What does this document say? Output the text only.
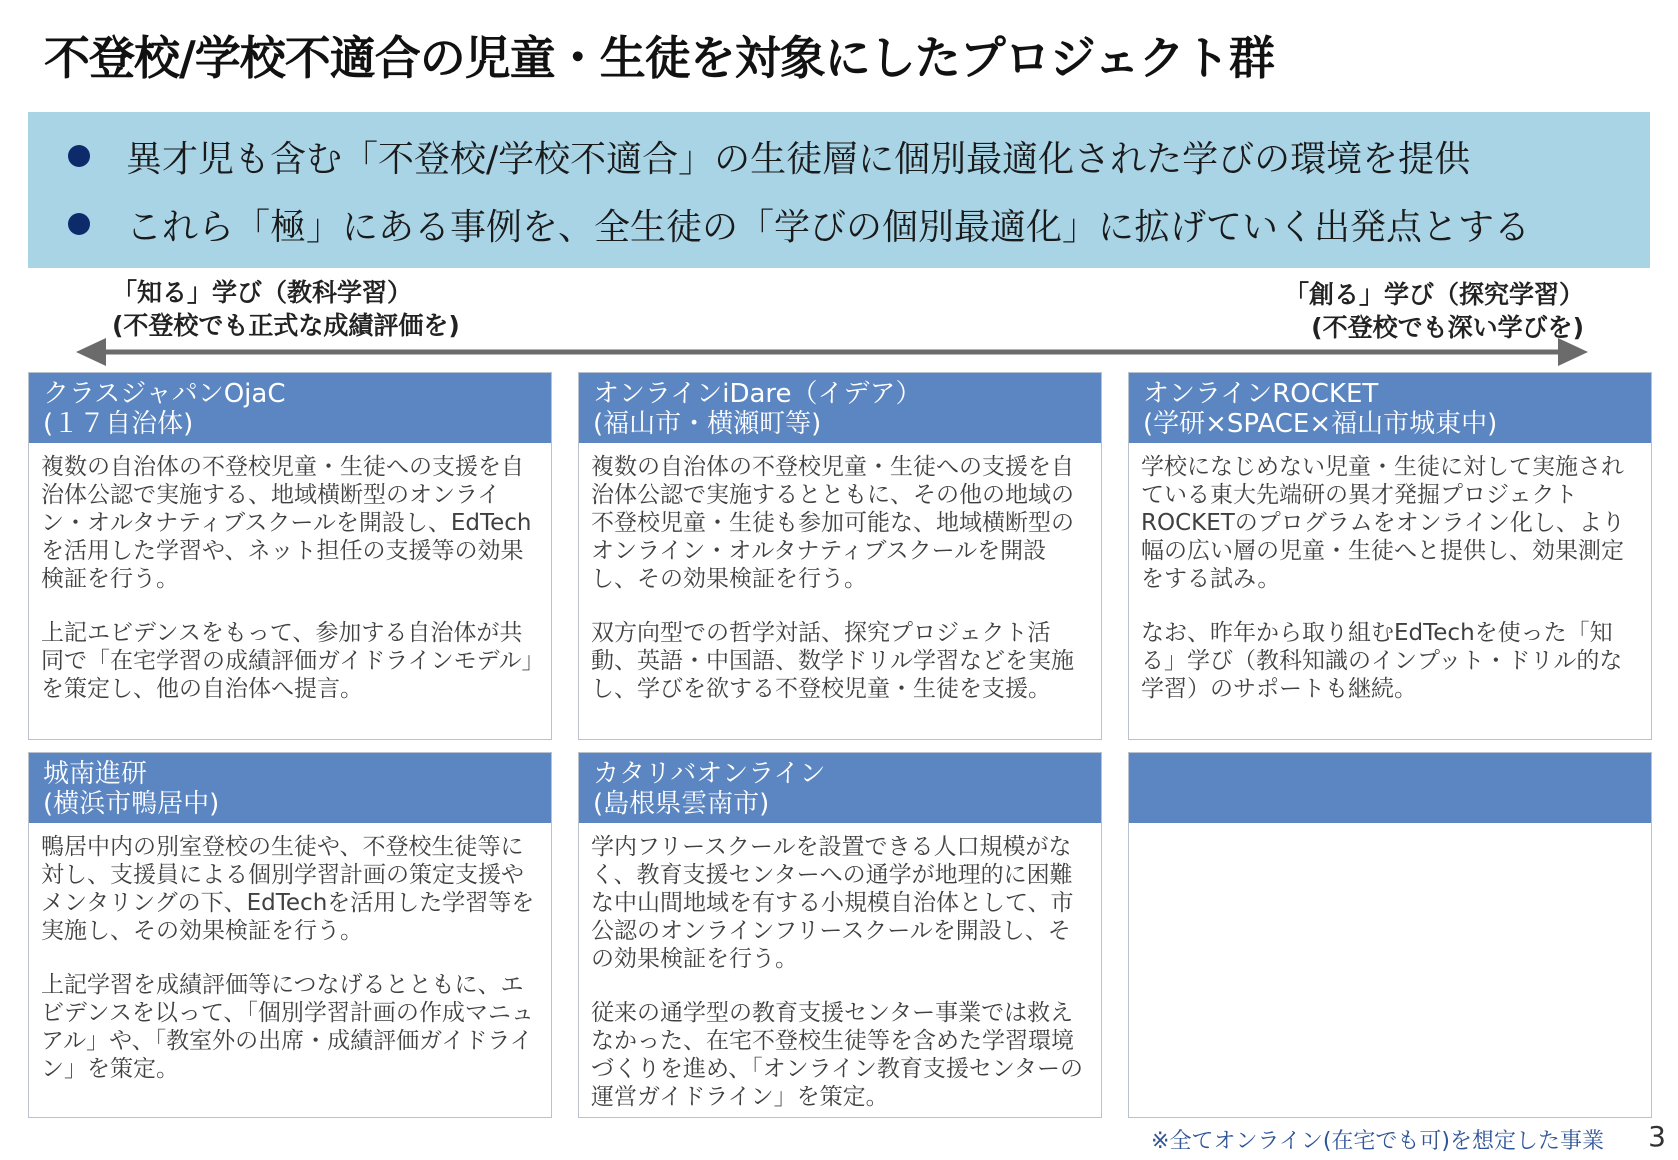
不登校/学校不適合の児童・生徒を対象にしたプロジェクト群
異才児も含む「不登校/学校不適合」の生徒層に個別最適化された学びの環境を提供
これら「極」にある事例を、全生徒の「学びの個別最適化」に拡げていく出発点とする
「知る」学び（教科学習）
(不登校でも正式な成績評価を)
「創る」学び（探究学習）
(不登校でも深い学びを)
クラスジャパンOjaC
(１７自治体)

複数の自治体の不登校児童・生徒への支援を自治体公認で実施する、地域横断型のオンライン・オルタナティブスクールを開設し、EdTechを活用した学習や、ネット担任の支援等の効果検証を行う。

上記エビデンスをもって、参加する自治体が共同で「在宅学習の成績評価ガイドラインモデル」を策定し、他の自治体へ提言。

オンラインiDare（イデア）
(福山市・横瀬町等)

複数の自治体の不登校児童・生徒への支援を自治体公認で実施するとともに、その他の地域の不登校児童・生徒も参加可能な、地域横断型のオンライン・オルタナティブスクールを開設し、その効果検証を行う。

双方向型での哲学対話、探究プロジェクト活動、英語・中国語、数学ドリル学習などを実施し、学びを欲する不登校児童・生徒を支援。

オンラインROCKET
(学研×SPACE×福山市城東中)

学校になじめない児童・生徒に対して実施されている東大先端研の異才発掘プロジェクトROCKETのプログラムをオンライン化し、より幅の広い層の児童・生徒へと提供し、効果測定をする試み。

なお、昨年から取り組むEdTechを使った「知る」学び（教科知識のインプット・ドリル的な学習）のサポートも継続。

城南進研
(横浜市鴨居中)

鴨居中内の別室登校の生徒や、不登校生徒等に対し、支援員による個別学習計画の策定支援やメンタリングの下、EdTechを活用した学習等を実施し、その効果検証を行う。

上記学習を成績評価等につなげるとともに、エビデンスを以って、「個別学習計画の作成マニュアル」や、「教室外の出席・成績評価ガイドライン」を策定。

カタリバオンライン
(島根県雲南市)

学内フリースクールを設置できる人口規模がなく、教育支援センターへの通学が地理的に困難な中山間地域を有する小規模自治体として、市公認のオンラインフリースクールを開設し、その効果検証を行う。

従来の通学型の教育支援センター事業では救えなかった、在宅不登校生徒等を含めた学習環境づくりを進め、「オンライン教育支援センターの運営ガイドライン」を策定。

※全てオンライン(在宅でも可)を想定した事業 3
